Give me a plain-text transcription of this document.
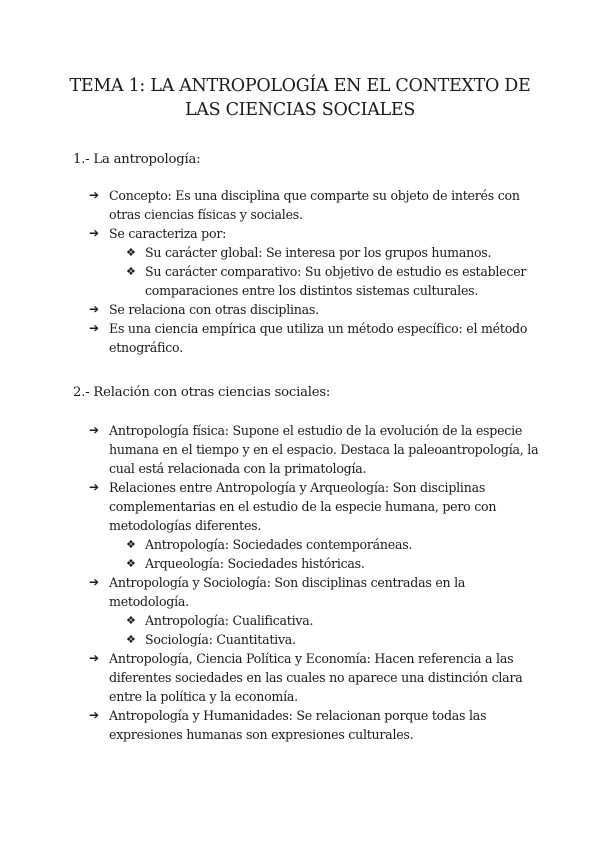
TEMA 1: LA ANTROPOLOGÍA EN EL CONTEXTO DE
LAS CIENCIAS SOCIALES
1.- La antropología:
➔ Concepto: Es una disciplina que comparte su objeto de interés con
otras ciencias físicas y sociales.
➔ Se caracteriza por:
❖ Su carácter global: Se interesa por los grupos humanos.
❖ Su carácter comparativo: Su objetivo de estudio es establecer
comparaciones entre los distintos sistemas culturales.
➔ Se relaciona con otras disciplinas.
➔ Es una ciencia empírica que utiliza un método específico: el método
etnográfico.
2.- Relación con otras ciencias sociales:
➔ Antropología física: Supone el estudio de la evolución de la especie
humana en el tiempo y en el espacio. Destaca la paleoantropología, la
cual está relacionada con la primatología.
➔ Relaciones entre Antropología y Arqueología: Son disciplinas
complementarias en el estudio de la especie humana, pero con
metodologías diferentes.
❖ Antropología: Sociedades contemporáneas.
❖ Arqueología: Sociedades históricas.
➔ Antropología y Sociología: Son disciplinas centradas en la
metodología.
❖ Antropología: Cualificativa.
❖ Sociología: Cuantitativa.
➔ Antropología, Ciencia Política y Economía: Hacen referencia a las
diferentes sociedades en las cuales no aparece una distinción clara
entre la política y la economía.
➔ Antropología y Humanidades: Se relacionan porque todas las
expresiones humanas son expresiones culturales.
